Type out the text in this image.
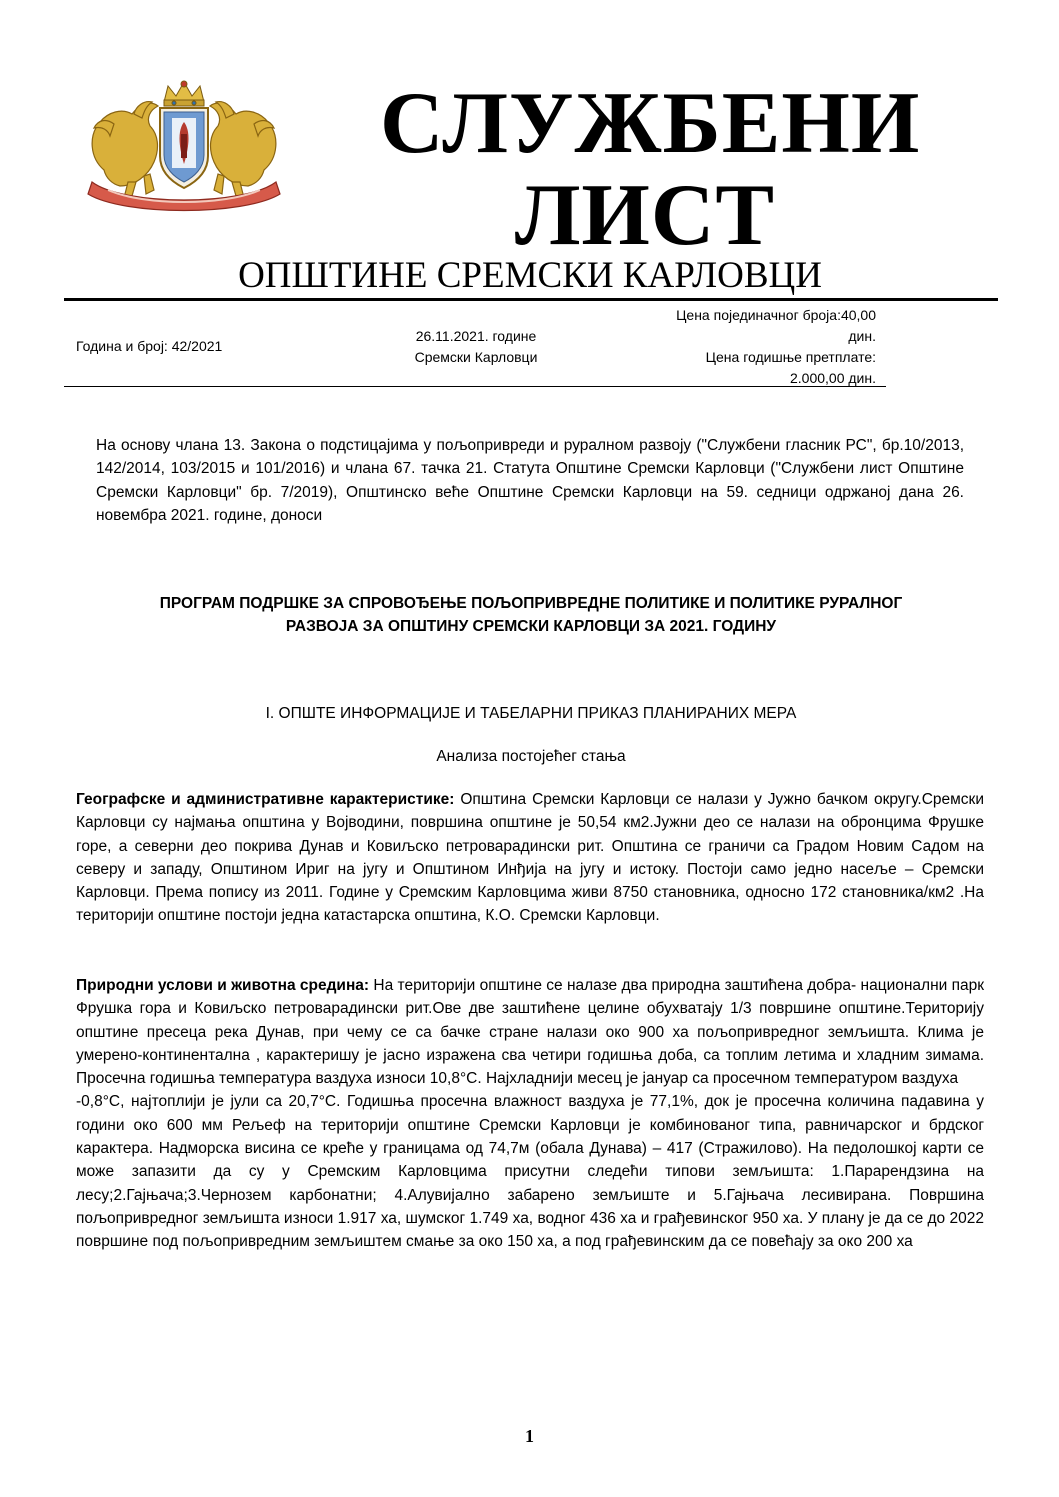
СЛУЖБЕНИ
ЛИСТ
ОПШТИНЕ СРЕМСКИ КАРЛОВЦИ
Година и број: 42/2021
26.11.2021. године
Сремски Карловци
Цена појединачног броја:40,00
дин.
Цена годишње претплате:
2.000,00 дин.
На основу члана 13. Закона о подстицајима у пољопривреди и руралном развоју ("Службени гласник РС", бр.10/2013, 142/2014, 103/2015 и 101/2016) и члана 67. тачка 21. Статута Општине Сремски Карловци ("Службени лист Општине Сремски Карловци" бр. 7/2019), Општинско веће Општине Сремски Карловци на 59. седници одржаној дана 26. новембра 2021. године, доноси
ПРОГРАМ ПОДРШКЕ ЗА СПРОВОЂЕЊЕ ПОЉОПРИВРЕДНЕ ПОЛИТИКЕ И ПОЛИТИКЕ РУРАЛНОГ
РАЗВОЈА ЗА ОПШТИНУ СРЕМСКИ КАРЛОВЦИ ЗА 2021. ГОДИНУ
I. ОПШТЕ ИНФОРМАЦИЈЕ И ТАБЕЛАРНИ ПРИКАЗ ПЛАНИРАНИХ МЕРА
Анализа постојећег стања
Географске и административне карактеристике: Општина Сремски Карловци се налази у Јужно бачком округу.Сремски Карловци су најмања општина у Војводини, површина општине је 50,54 км2.Јужни део се налази на обронцима Фрушке горе, а северни део покрива Дунав и Ковиљско петроварадински рит. Општина се граничи са Градом Новим Садом на северу и западу, Општином Ириг на југу и Општином Инђија на југу и истоку. Постоји само једно насеље – Сремски Карловци. Према попису из 2011. Године у Сремским Карловцима живи 8750 становника, односно 172 становника/км2 .На територији општине постоји једна катастарска општина, К.О. Сремски Карловци.
Природни услови и животна средина: На територији општине се налазе два природна заштићена добра- национални парк Фрушка гора и Ковиљско петроварадински рит.Ове две заштићене целине обухватају 1/3 површине општине.Територију општине пресеца река Дунав, при чему се са бачке стране налази око 900 ха пољопривредног земљишта. Клима је умерено-континентална , карактеришу је јасно изражена сва четири годишња доба, са топлим летима и хладним зимама. Просечна годишња температура ваздуха износи 10,8°C. Најхладнији месец је јануар са просечном температуром ваздуха
-0,8°C, најтоплији је јули са 20,7°C. Годишња просечна влажност ваздуха је 77,1%, док је просечна количина падавина у години око 600 мм Рељеф на територији општине Сремски Карловци је комбинованог типа, равничарског и брдског карактера. Надморска висина се креће у границама од 74,7м (обала Дунава) – 417 (Стражилово). На педолошкој карти се може запазити да су у Сремским Карловцима присутни следећи типови земљишта: 1.Парарендзина на лесу;2.Гајњача;3.Чернозем карбонатни; 4.Алувијално забарено земљиште и 5.Гајњача лесивирана. Површина пољопривредног земљишта износи 1.917 ха, шумског 1.749 ха, водног 436 ха и грађевинског 950 ха. У плану је да се до 2022 површине под пољопривредним земљиштем смање за око 150 ха, а под грађевинским да се повећају за око 200 ха
1
